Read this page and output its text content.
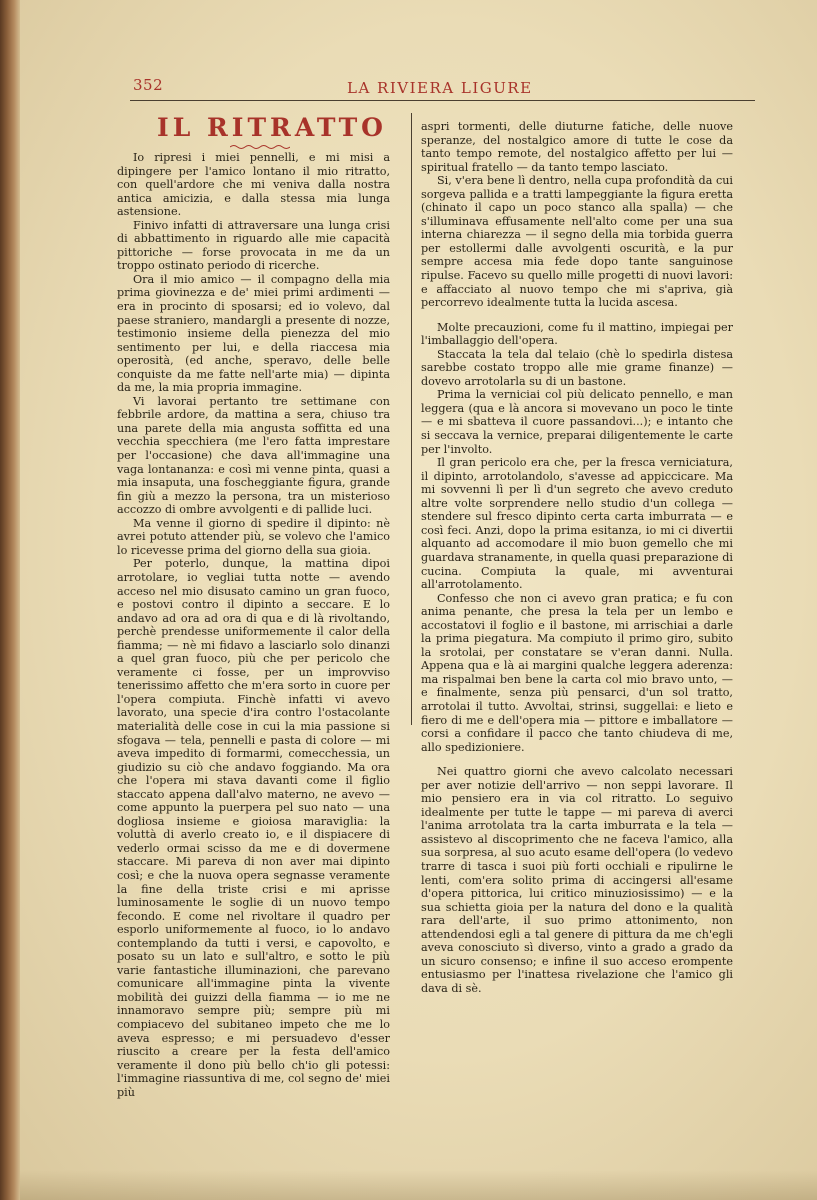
352	LA RIVIERA LIGURE
IL RITRATTO

Io ripresi i miei pennelli, e mi misi a dipingere per l'amico lontano il mio ritratto, con quell'ardore che mi veniva dalla nostra antica amicizia, e dalla stessa mia lunga astensione.

Finivo infatti di attraversare una lunga crisi di abbattimento in riguardo alle mie capacità pittoriche — forse provocata in me da un troppo ostinato periodo di ricerche.

Ora il mio amico — il compagno della mia prima giovinezza e de' miei primi ardimenti — era in procinto di sposarsi; ed io volevo, dal paese straniero, mandargli a presente di nozze, testimonio insieme della pienezza del mio sentimento per lui, e della riaccesa mia operosità, (ed anche, speravo, delle belle conquiste da me fatte nell'arte mia) — dipinta da me, la mia propria immagine.

Vi lavorai pertanto tre settimane con febbrile ardore, da mattina a sera, chiuso tra una parete della mia angusta soffitta ed una vecchia specchiera (me l'ero fatta imprestare per l'occasione) che dava all'immagine una vaga lontananza: e così mi venne pinta, quasi a mia insaputa, una foscheggiante figura, grande fin giù a mezzo la persona, tra un misterioso accozzo di ombre avvolgenti e di pallide luci.

Ma venne il giorno di spedire il dipinto: nè avrei potuto attender più, se volevo che l'amico lo ricevesse prima del giorno della sua gioia.

Per poterlo, dunque, la mattina dipoi arrotolare, io vegliai tutta notte — avendo acceso nel mio disusato camino un gran fuoco, e postovi contro il dipinto a seccare. E lo andavo ad ora ad ora di qua e di là rivoltando, perchè prendesse uniformemente il calor della fiamma; — nè mi fidavo a lasciarlo solo dinanzi a quel gran fuoco, più che per pericolo che veramente ci fosse, per un improvviso tenerissimo affetto che m'era sorto in cuore per l'opera compiuta. Finchè infatti vi avevo lavorato, una specie d'ira contro l'ostacolante materialità delle cose in cui la mia passione si sfogava — tela, pennelli e pasta di colore — mi aveva impedito di formarmi, comecchessia, un giudizio su ciò che andavo foggiando. Ma ora che l'opera mi stava davanti come il figlio staccato appena dall'alvo materno, ne avevo — come appunto la puerpera pel suo nato — una dogliosa insieme e gioiosa maraviglia: la voluttà di averlo creato io, e il dispiacere di vederlo ormai scisso da me e di dovermene staccare. Mi pareva di non aver mai dipinto così; e che la nuova opera segnasse veramente la fine della triste crisi e mi aprisse luminosamente le soglie di un nuovo tempo fecondo. E come nel rivoltare il quadro per esporlo uniformemente al fuoco, io lo andavo contemplando da tutti i versi, e capovolto, e posato su un lato e sull'altro, e sotto le più varie fantastiche illuminazioni, che parevano comunicare all'immagine pinta la vivente mobilità dei guizzi della fiamma — io me ne innamoravo sempre più; sempre più mi compiacevo del subitaneo impeto che me lo aveva espresso; e mi persuadevo d'esser riuscito a creare per la festa dell'amico veramente il dono più bello ch'io gli potessi: l'immagine riassuntiva di me, col segno de' miei più

aspri tormenti, delle diuturne fatiche, delle nuove speranze, del nostalgico amore di tutte le cose da tanto tempo remote, del nostalgico affetto per lui — spiritual fratello — da tanto tempo lasciato.

Si, v'era bene lì dentro, nella cupa profondità da cui sorgeva pallida e a tratti lampeggiante la figura eretta (chinato il capo un poco stanco alla spalla) — che s'illuminava effusamente nell'alto come per una sua interna chiarezza — il segno della mia torbida guerra per estollermi dalle avvolgenti oscurità, e la pur sempre accesa mia fede dopo tante sanguinose ripulse. Facevo su quello mille progetti di nuovi lavori: e affacciato al nuovo tempo che mi s'apriva, già percorrevo idealmente tutta la lucida ascesa.

Molte precauzioni, come fu il mattino, impiegai per l'imballaggio dell'opera.

Staccata la tela dal telaio (chè lo spedirla distesa sarebbe costato troppo alle mie grame finanze) — dovevo arrotolarla su di un bastone.

Prima la verniciai col più delicato pennello, e man leggera (qua e là ancora si movevano un poco le tinte — e mi sbatteva il cuore passandovi...); e intanto che si seccava la vernice, preparai diligentemente le carte per l'involto.

Il gran pericolo era che, per la fresca verniciatura, il dipinto, arrotolandolo, s'avesse ad appiccicare. Ma mi sovvenni lì per lì d'un segreto che avevo creduto altre volte sorprendere nello studio d'un collega — stendere sul fresco dipinto certa carta imburrata — e così feci. Anzi, dopo la prima esitanza, io mi ci divertii alquanto ad accomodare il mio buon gemello che mi guardava stranamente, in quella quasi preparazione di cucina. Compiuta la quale, mi avventurai all'arrotolamento.

Confesso che non ci avevo gran pratica; e fu con anima penante, che presa la tela per un lembo e accostatovi il foglio e il bastone, mi arrischiai a darle la prima piegatura. Ma compiuto il primo giro, subito la srotolai, per constatare se v'eran danni. Nulla. Appena qua e là ai margini qualche leggera aderenza: ma rispalmai ben bene la carta col mio bravo unto, — e finalmente, senza più pensarci, d'un sol tratto, arrotolai il tutto. Avvoltai, strinsi, suggellai: e lieto e fiero di me e dell'opera mia — pittore e imballatore — corsi a confidare il pacco che tanto chiudeva di me, allo spedizioniere.

Nei quattro giorni che avevo calcolato necessari per aver notizie dell'arrivo — non seppi lavorare. Il mio pensiero era in via col ritratto. Lo seguivo idealmente per tutte le tappe — mi pareva di averci l'anima arrotolata tra la carta imburrata e la tela — assistevo al discoprimento che ne faceva l'amico, alla sua sorpresa, al suo acuto esame dell'opera (lo vedevo trarre di tasca i suoi più forti occhiali e ripulirne le lenti, com'era solito prima di accingersi all'esame d'opera pittorica, lui critico minuziosissimo) — e la sua schietta gioia per la natura del dono e la qualità rara dell'arte, il suo primo attonimento, non attendendosi egli a tal genere di pittura da me ch'egli aveva conosciuto sì diverso, vinto a grado a grado da un sicuro consenso; e infine il suo acceso erompente entusiasmo per l'inattesa rivelazione che l'amico gli dava di sè.
